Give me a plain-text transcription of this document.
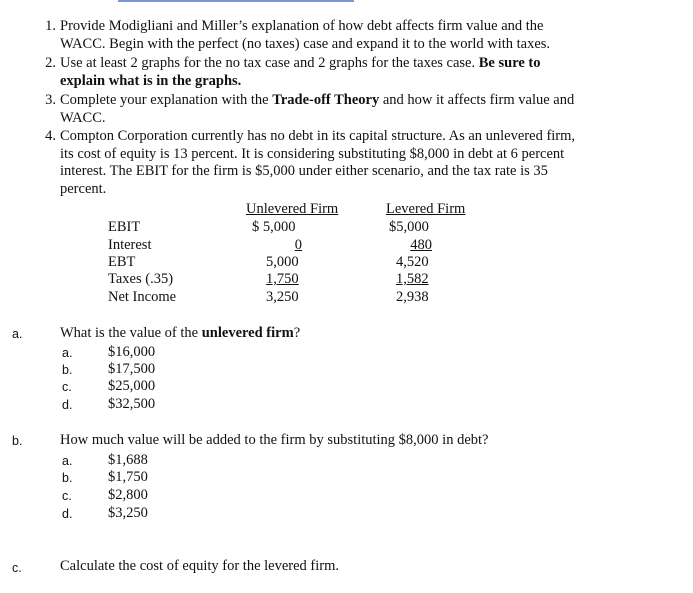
1. Provide Modigliani and Miller’s explanation of how debt affects firm value and the
WACC. Begin with the perfect (no taxes) case and expand it to the world with taxes.
2. Use at least 2 graphs for the no tax case and 2 graphs for the taxes case. Be sure to
explain what is in the graphs.
3. Complete your explanation with the Trade-off Theory and how it affects firm value and
WACC.
4. Compton Corporation currently has no debt in its capital structure. As an unlevered firm,
its cost of equity is 13 percent. It is considering substituting $8,000 in debt at 6 percent
interest. The EBIT for the firm is $5,000 under either scenario, and the tax rate is 35
percent.
Unlevered Firm	Levered Firm
EBIT	$ 5,000	$5,000
Interest	0	480
EBT	5,000	4,520
Taxes (.35)	1,750	1,582
Net Income	3,250	2,938
a.	What is the value of the unlevered firm?
a. $16,000
b. $17,500
c.	$25,000
d. $32,500
b.	How much value will be added to the firm by substituting $8,000 in debt?
a. $1,688
b. $1,750
c.	$2,800
d. $3,250
c.	Calculate the cost of equity for the levered firm.
